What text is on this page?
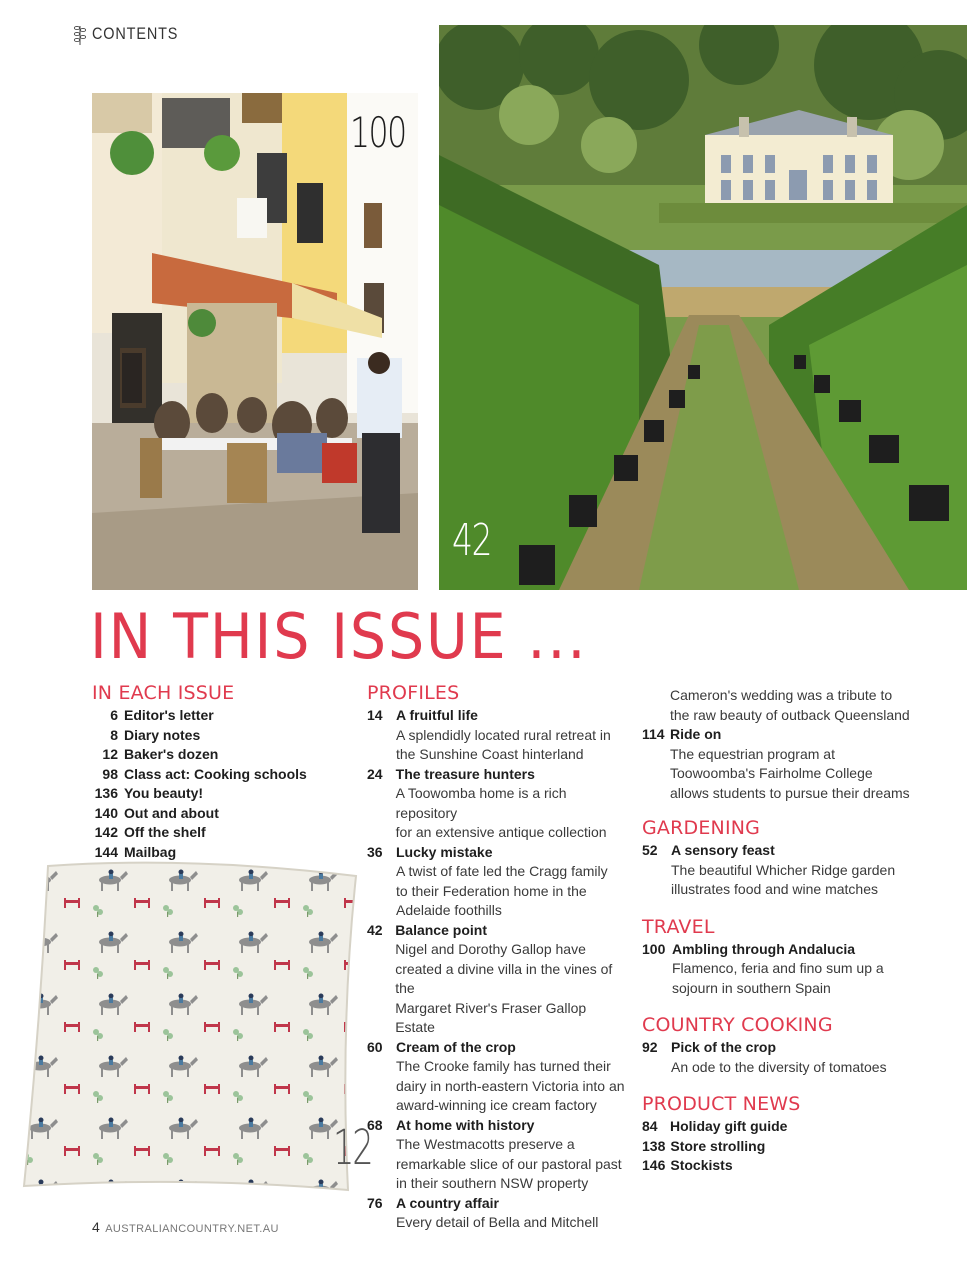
CONTENTS
100
42
IN THIS ISSUE ...
IN EACH ISSUE
6 Editor's letter
8 Diary notes
12 Baker's dozen
98 Class act: Cooking schools
136 You beauty!
140 Out and about
142 Off the shelf
144 Mailbag
12
PROFILES
14 A fruitful life
A splendidly located rural retreat in
the Sunshine Coast hinterland
24 The treasure hunters
A Toowomba home is a rich repository
for an extensive antique collection
36 Lucky mistake
A twist of fate led the Cragg family
to their Federation home in the
Adelaide foothills
42 Balance point
Nigel and Dorothy Gallop have
created a divine villa in the vines of the
Margaret River's Fraser Gallop Estate
60 Cream of the crop
The Crooke family has turned their
dairy in north-eastern Victoria into an
award-winning ice cream factory
68 At home with history
The Westmacotts preserve a
remarkable slice of our pastoral past
in their southern NSW property
76 A country affair
Every detail of Bella and Mitchell
Cameron's wedding was a tribute to
the raw beauty of outback Queensland
114 Ride on
The equestrian program at
Toowoomba's Fairholme College
allows students to pursue their dreams
GARDENING
52 A sensory feast
The beautiful Whicher Ridge garden
illustrates food and wine matches
TRAVEL
100 Ambling through Andalucia
Flamenco, feria and fino sum up a
sojourn in southern Spain
COUNTRY COOKING
92 Pick of the crop
An ode to the diversity of tomatoes
PRODUCT NEWS
84 Holiday gift guide
138 Store strolling
146 Stockists
4 AUSTRALIANCOUNTRY.NET.AU
